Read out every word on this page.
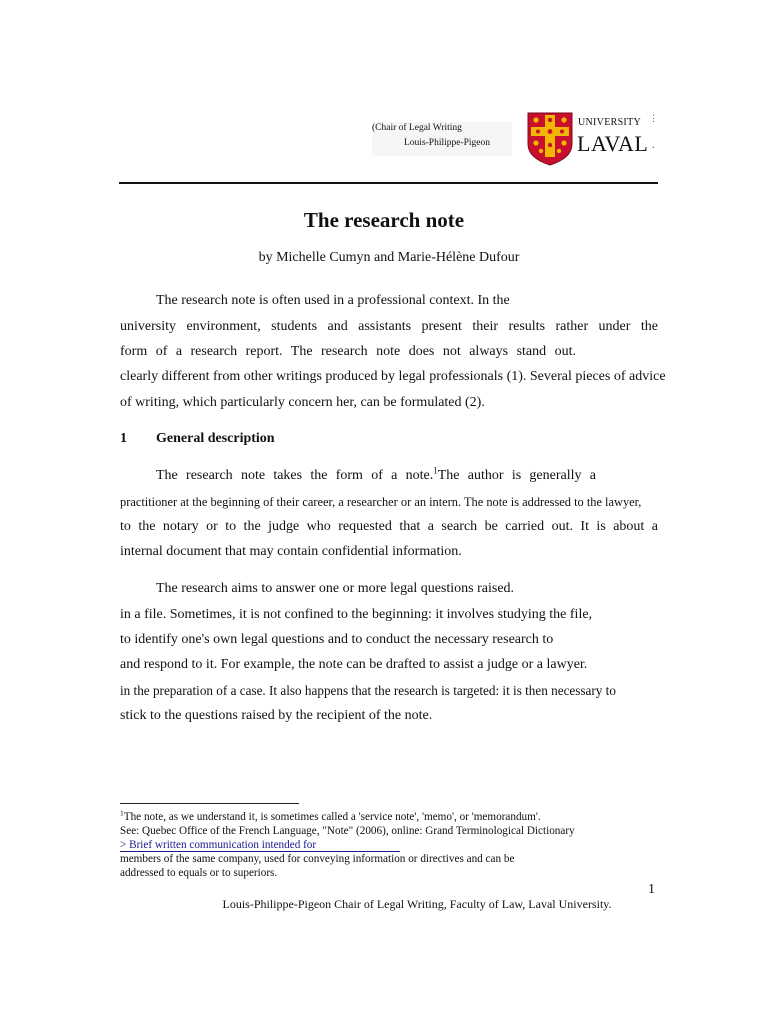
(Chair of Legal Writing
Louis-Philippe-Pigeon
UNIVERSITY
LAVAL
⋮
.
The research note
by Michelle Cumyn and Marie-Hélène Dufour
The research note is often used in a professional context. In the
university environment, students and assistants present their results rather under the
form of a research report. The research note does not always stand out.
clearly different from other writings produced by legal professionals (1). Several pieces of advice
of writing, which particularly concern her, can be formulated (2).
1 General description
The research note takes the form of a note.$^1$The author is generally a
practitioner at the beginning of their career, a researcher or an intern. The note is addressed to the lawyer,
to the notary or to the judge who requested that a search be carried out. It is about a
internal document that may contain confidential information.
The research aims to answer one or more legal questions raised.
in a file. Sometimes, it is not confined to the beginning: it involves studying the file,
to identify one's own legal questions and to conduct the necessary research to
and respond to it. For example, the note can be drafted to assist a judge or a lawyer.
in the preparation of a case. It also happens that the research is targeted: it is then necessary to
stick to the questions raised by the recipient of the note.
$^1$The note, as we understand it, is sometimes called a 'service note', 'memo', or 'memorandum'.
See: Quebec Office of the French Language, "Note" (2006), online: Grand Terminological Dictionary
> Brief written communication intended for
members of the same company, used for conveying information or directives and can be
addressed to equals or to superiors.
1
Louis-Philippe-Pigeon Chair of Legal Writing, Faculty of Law, Laval University.
